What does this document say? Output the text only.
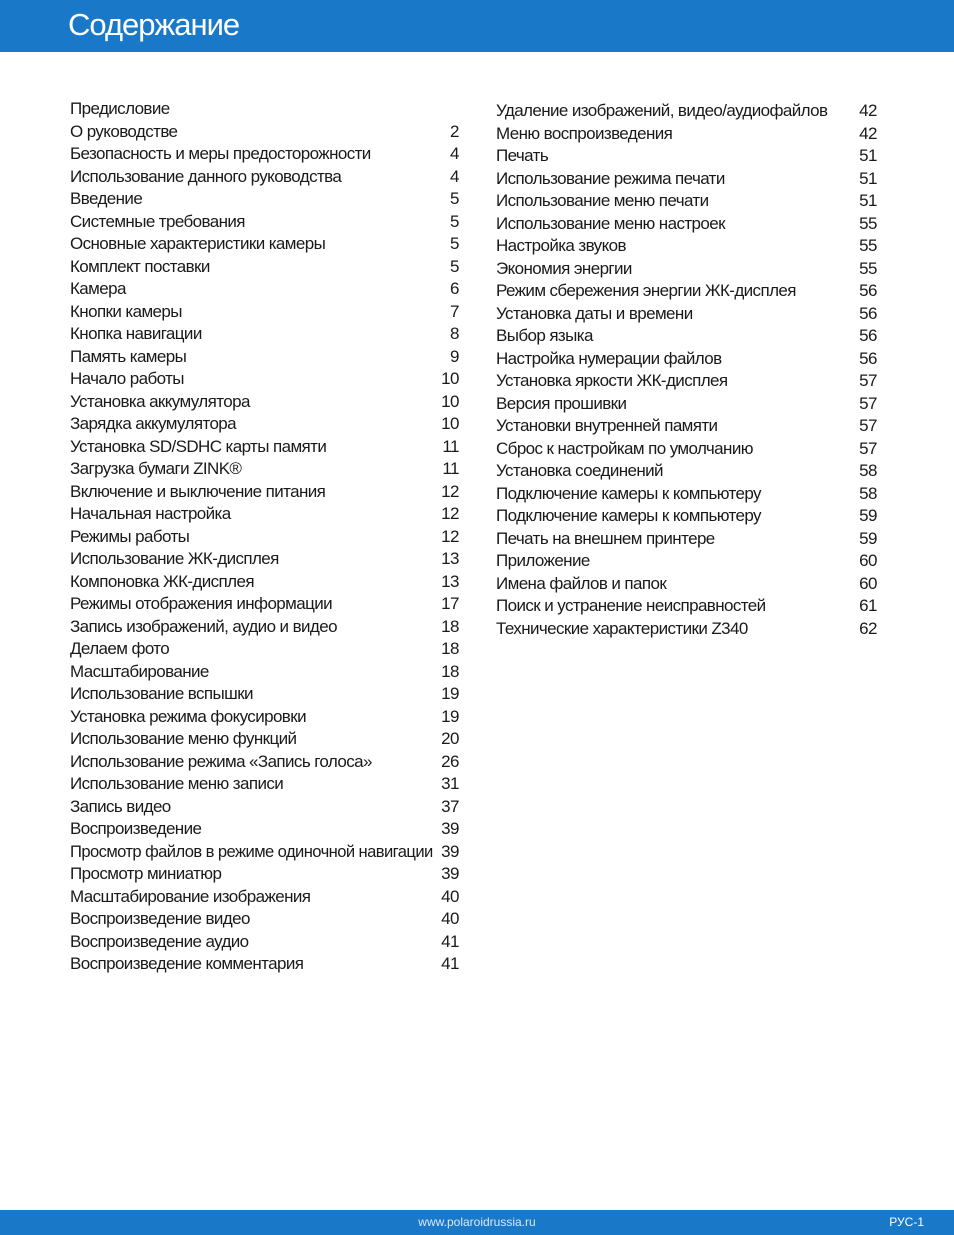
Содержание
Предисловие
О руководстве	2
Безопасность и меры предосторожности	4
Использование данного руководства	4
Введение	5
Системные требования	5
Основные характеристики камеры	5
Комплект поставки	5
Камера	6
Кнопки камеры	7
Кнопка навигации	8
Память камеры	9
Начало работы	10
Установка аккумулятора	10
Зарядка аккумулятора	10
Установка SD/SDHC карты памяти	11
Загрузка бумаги ZINK®	11
Включение и выключение питания	12
Начальная настройка	12
Режимы работы	12
Использование ЖК-дисплея	13
Компоновка ЖК-дисплея	13
Режимы отображения информации	17
Запись изображений, аудио и видео	18
Делаем фото	18
Масштабирование	18
Использование вспышки	19
Установка режима фокусировки	19
Использование меню функций	20
Использование режима «Запись голоса»	26
Использование меню записи	31
Запись видео	37
Воспроизведение	39
Просмотр файлов в режиме одиночной навигации 39
Просмотр миниатюр	39
Масштабирование изображения	40
Воспроизведение видео	40
Воспроизведение аудио	41
Воспроизведение комментария	41
Удаление изображений, видео/аудиофайлов 42
Меню воспроизведения	42
Печать	51
Использование режима печати	51
Использование меню печати	51
Использование меню настроек	55
Настройка звуков	55
Экономия энергии	55
Режим сбережения энергии ЖК-дисплея	56
Установка даты и времени	56
Выбор языка	56
Настройка нумерации файлов	56
Установка яркости ЖК-дисплея	57
Версия прошивки	57
Установки внутренней памяти	57
Сброс к настройкам по умолчанию	57
Установка соединений	58
Подключение камеры к компьютеру	58
Подключение камеры к компьютеру	59
Печать на внешнем принтере	59
Приложение	60
Имена файлов и папок	60
Поиск и устранение неисправностей	61
Технические характеристики Z340	62
www.polaroidrussia.ru	РУС-1
